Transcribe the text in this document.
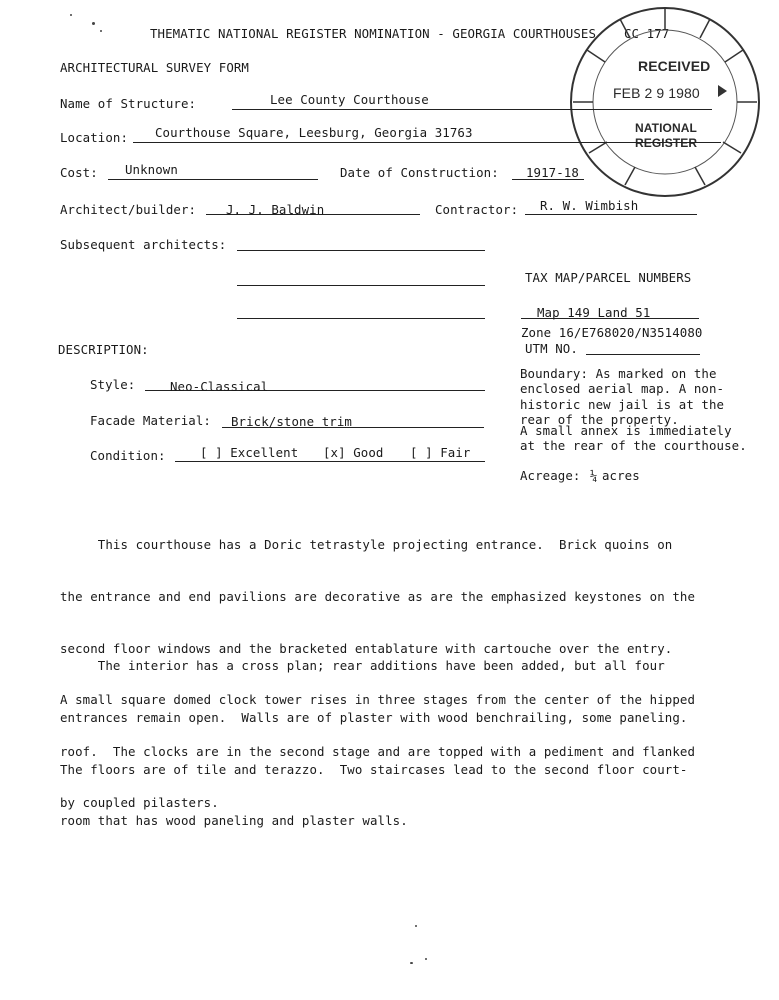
THEMATIC NATIONAL REGISTER NOMINATION - GEORGIA COURTHOUSES CC 177
ARCHITECTURAL SURVEY FORM	RECEIVED
FEB 2 9 1980
NATIONAL
REGISTER
Name of Structure:	Lee County Courthouse
Location: Courthouse Square, Leesburg, Georgia 31763
Cost: Unknown	Date of Construction: 1917-18
Architect/builder: J. J. Baldwin	Contractor: R. W. Wimbish
Subsequent architects:
TAX MAP/PARCEL NUMBERS
Map 149 Land 51
Zone 16/E768020/N3514080
UTM NO.
Boundary: As marked on the
enclosed aerial map. A non-
historic new jail is at the
rear of the property.
A small annex is immediately
at the rear of the courthouse.
Acreage: ¼ acres
DESCRIPTION:
Style:	Neo-Classical
Facade Material: Brick/stone trim
Condition:	[ ] Excellent [x] Good [ ] Fair

This courthouse has a Doric tetrastyle projecting entrance.  Brick quoins on

the entrance and end pavilions are decorative as are the emphasized keystones on the

second floor windows and the bracketed entablature with cartouche over the entry.

A small square domed clock tower rises in three stages from the center of the hipped

roof.  The clocks are in the second stage and are topped with a pediment and flanked

by coupled pilasters.

The interior has a cross plan; rear additions have been added, but all four

entrances remain open.  Walls are of plaster with wood benchrailing, some paneling.

The floors are of tile and terazzo.  Two staircases lead to the second floor court-

room that has wood paneling and plaster walls.
